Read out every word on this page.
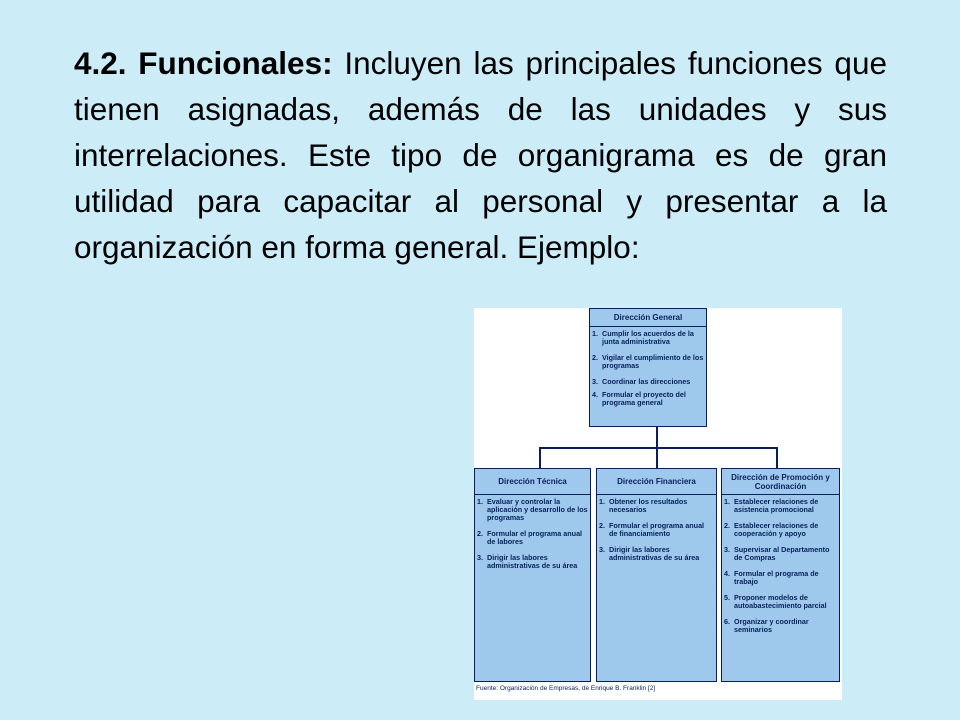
4.2. Funcionales: Incluyen las principales funciones que tienen asignadas, además de las unidades y sus interrelaciones. Este tipo de organigrama es de gran utilidad para capacitar al personal y presentar a la organización en forma general. Ejemplo:
Dirección General
1. Cumplir los acuerdos de la junta administrativa
2. Vigilar el cumplimiento de los programas
3. Coordinar las direcciones
4. Formular el proyecto del programa general
Dirección Técnica
1. Evaluar y controlar la aplicación y desarrollo de los programas
2. Formular el programa anual de labores
3. Dirigir las labores administrativas de su área
Dirección Financiera
1. Obtener los resultados necesarios
2. Formular el programa anual de financiamiento
3. Dirigir las labores administrativas de su área
Dirección de Promoción y Coordinación
1. Establecer relaciones de asistencia promocional
2. Establecer relaciones de cooperación y apoyo
3. Supervisar al Departamento de Compras
4. Formular el programa de trabajo
5. Proponer modelos de autoabastecimiento parcial
6. Organizar y coordinar seminarios
Fuente: Organización de Empresas, de Enrique B. Franklin [2]
